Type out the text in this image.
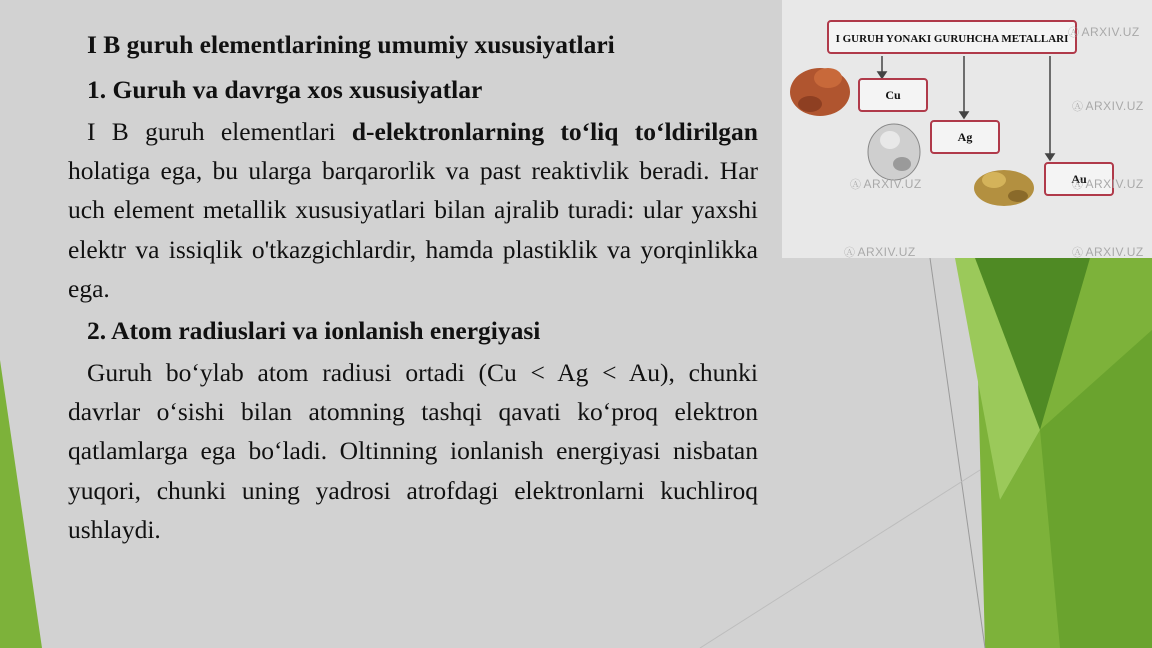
I GURUH YONAKI GURUHCHA METALLARI
Cu
Ag
Au
Ⓐ ARXIV.UZ
Ⓐ ARXIV.UZ
Ⓐ ARXIV.UZ	Ⓐ ARXIV.UZ
Ⓐ ARXIV.UZ	Ⓐ ARXIV.UZ
I B guruh elementlarining umumiy xususiyatlari
1. Guruh va davrga xos xususiyatlar

I B guruh elementlari d-elektronlarning to‘liq to‘ldirilgan holatiga ega, bu ularga barqarorlik va past reaktivlik beradi. Har uch element metallik xususiyatlari bilan ajralib turadi: ular yaxshi elektr va issiqlik o'tkazgichlardir, hamda plastiklik va yorqinlikka ega.

2. Atom radiuslari va ionlanish energiyasi

Guruh bo‘ylab atom radiusi ortadi (Cu < Ag < Au), chunki davrlar o‘sishi bilan atomning tashqi qavati ko‘proq elektron qatlamlarga ega bo‘ladi. Oltinning ionlanish energiyasi nisbatan yuqori, chunki uning yadrosi atrofdagi elektronlarni kuchliroq ushlaydi.
